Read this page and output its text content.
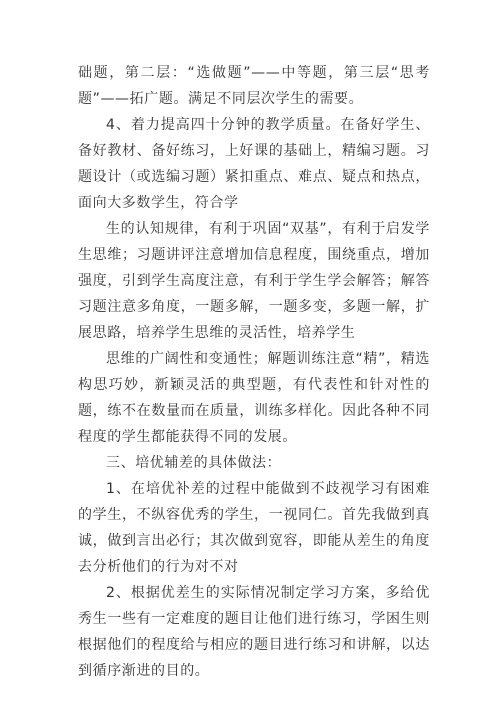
础题，第二层：“选做题”——中等题，第三层“思考题”——拓广题。满足不同层次学生的需要。

4、着力提高四十分钟的教学质量。在备好学生、备好教材、备好练习，上好课的基础上，精编习题。习题设计（或选编习题）紧扣重点、难点、疑点和热点，面向大多数学生，符合学

生的认知规律，有利于巩固“双基”，有利于启发学生思维；习题讲评注意增加信息程度，围绕重点，增加强度，引到学生高度注意，有利于学生学会解答；解答习题注意多角度，一题多解，一题多变，多题一解，扩展思路，培养学生思维的灵活性，培养学生

思维的广阔性和变通性；解题训练注意“精”，精选构思巧妙，新颖灵活的典型题，有代表性和针对性的题，练不在数量而在质量，训练多样化。因此各种不同程度的学生都能获得不同的发展。

三、培优辅差的具体做法：

1、在培优补差的过程中能做到不歧视学习有困难的学生，不纵容优秀的学生，一视同仁。首先我做到真诚，做到言出必行；其次做到宽容，即能从差生的角度去分析他们的行为对不对

2、根据优差生的实际情况制定学习方案，多给优秀生一些有一定难度的题目让他们进行练习，学困生则根据他们的程度给与相应的题目进行练习和讲解，以达到循序渐进的目的。
